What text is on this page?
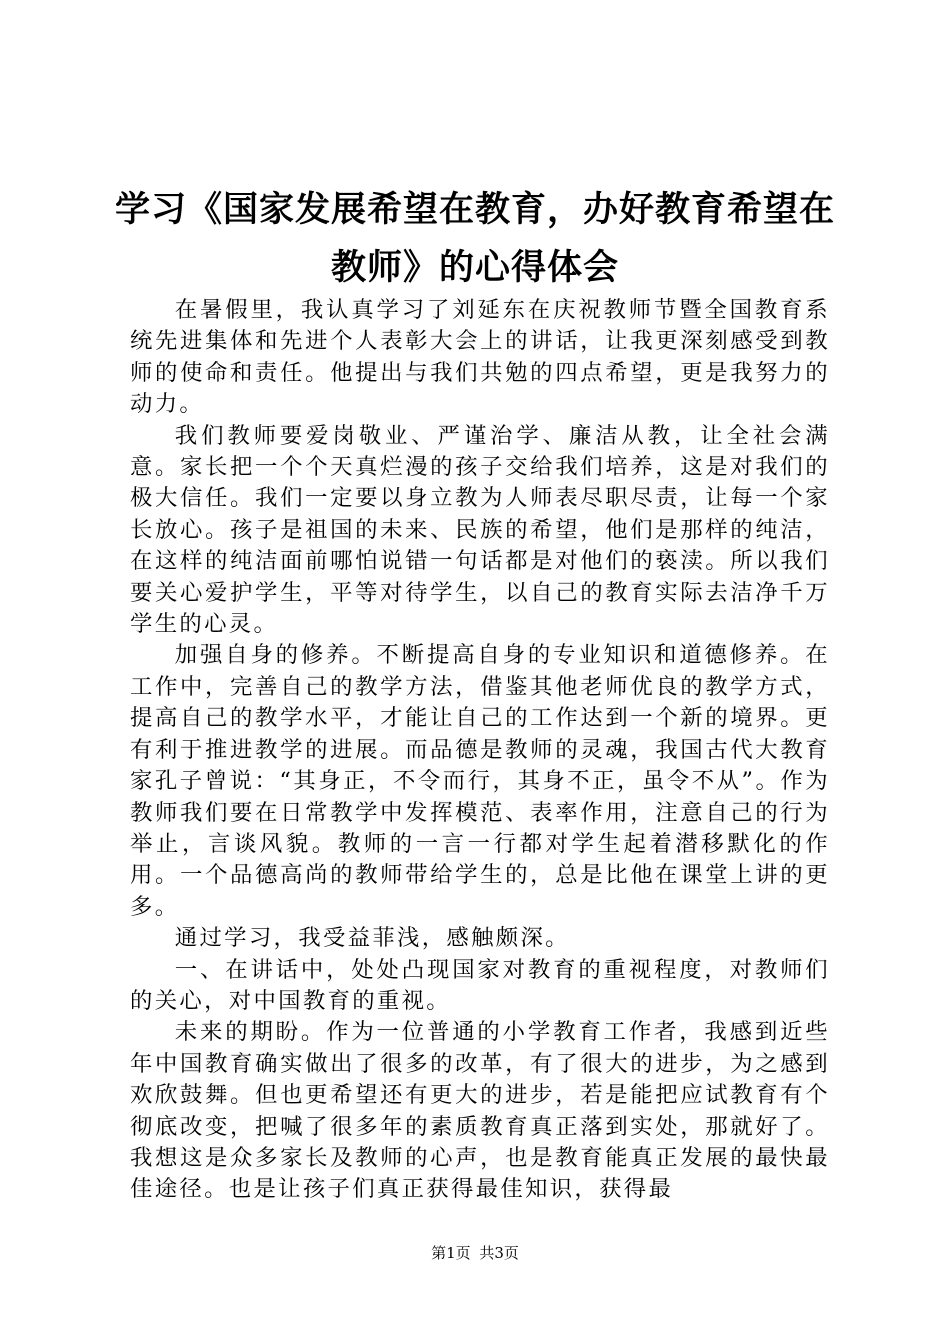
学习《国家发展希望在教育，办好教育希望在
教师》的心得体会

在暑假里，我认真学习了刘延东在庆祝教师节暨全国教育系统先进集体和先进个人表彰大会上的讲话，让我更深刻感受到教师的使命和责任。他提出与我们共勉的四点希望，更是我努力的动力。

我们教师要爱岗敬业、严谨治学、廉洁从教，让全社会满意。家长把一个个天真烂漫的孩子交给我们培养，这是对我们的极大信任。我们一定要以身立教为人师表尽职尽责，让每一个家长放心。孩子是祖国的未来、民族的希望，他们是那样的纯洁，在这样的纯洁面前哪怕说错一句话都是对他们的亵渎。所以我们要关心爱护学生，平等对待学生，以自己的教育实际去洁净千万学生的心灵。

加强自身的修养。不断提高自身的专业知识和道德修养。在工作中，完善自己的教学方法，借鉴其他老师优良的教学方式，提高自己的教学水平，才能让自己的工作达到一个新的境界。更有利于推进教学的进展。而品德是教师的灵魂，我国古代大教育家孔子曾说：“其身正，不令而行，其身不正，虽令不从”。作为教师我们要在日常教学中发挥模范、表率作用，注意自己的行为举止，言谈风貌。教师的一言一行都对学生起着潜移默化的作用。一个品德高尚的教师带给学生的，总是比他在课堂上讲的更多。

通过学习，我受益菲浅，感触颇深。

一、在讲话中，处处凸现国家对教育的重视程度，对教师们的关心，对中国教育的重视。

未来的期盼。作为一位普通的小学教育工作者，我感到近些年中国教育确实做出了很多的改革，有了很大的进步，为之感到欢欣鼓舞。但也更希望还有更大的进步，若是能把应试教育有个彻底改变，把喊了很多年的素质教育真正落到实处，那就好了。我想这是众多家长及教师的心声，也是教育能真正发展的最快最佳途径。也是让孩子们真正获得最佳知识，获得最

第1页 共3页
